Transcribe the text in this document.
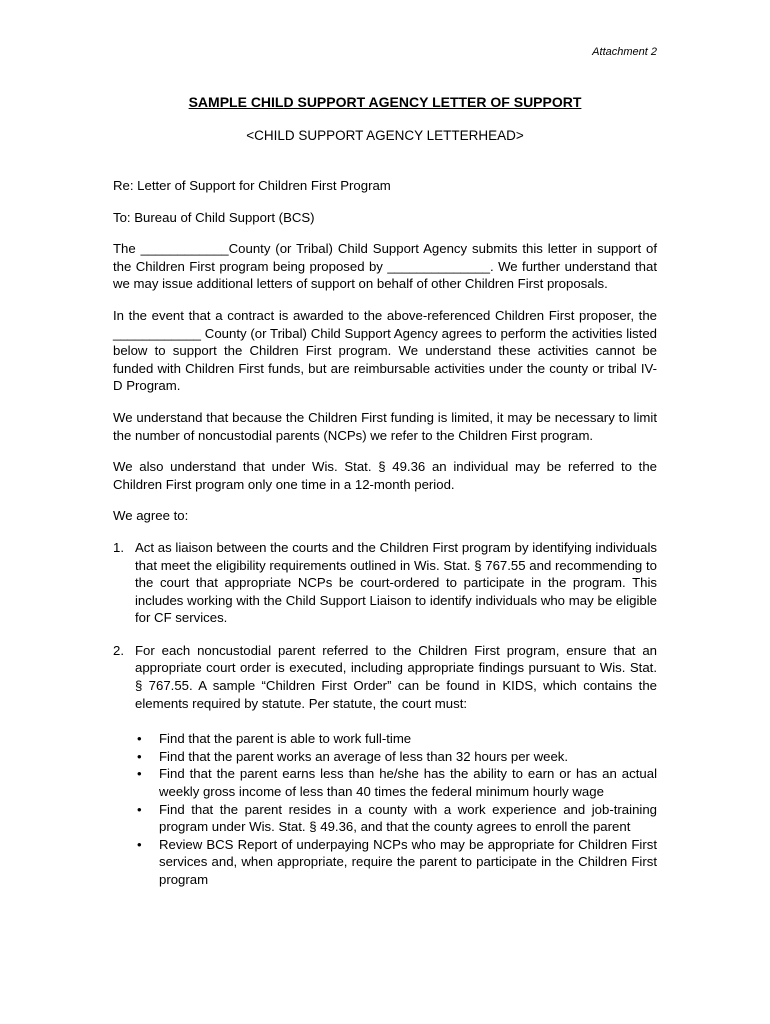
Attachment 2
SAMPLE CHILD SUPPORT AGENCY LETTER OF SUPPORT
<CHILD SUPPORT AGENCY LETTERHEAD>

Re: Letter of Support for Children First Program

To: Bureau of Child Support (BCS)

The ____________County (or Tribal) Child Support Agency submits this letter in support of the Children First program being proposed by ______________. We further understand that we may issue additional letters of support on behalf of other Children First proposals.

In the event that a contract is awarded to the above-referenced Children First proposer, the ____________ County (or Tribal) Child Support Agency agrees to perform the activities listed below to support the Children First program. We understand these activities cannot be funded with Children First funds, but are reimbursable activities under the county or tribal IV-D Program.

We understand that because the Children First funding is limited, it may be necessary to limit the number of noncustodial parents (NCPs) we refer to the Children First program.

We also understand that under Wis. Stat. § 49.36 an individual may be referred to the Children First program only one time in a 12-month period.

We agree to:

1. Act as liaison between the courts and the Children First program by identifying individuals that meet the eligibility requirements outlined in Wis. Stat. § 767.55 and recommending to the court that appropriate NCPs be court-ordered to participate in the program. This includes working with the Child Support Liaison to identify individuals who may be eligible for CF services.
2. For each noncustodial parent referred to the Children First program, ensure that an appropriate court order is executed, including appropriate findings pursuant to Wis. Stat. § 767.55. A sample “Children First Order” can be found in KIDS, which contains the elements required by statute. Per statute, the court must:
• Find that the parent is able to work full-time
• Find that the parent works an average of less than 32 hours per week.
• Find that the parent earns less than he/she has the ability to earn or has an actual weekly gross income of less than 40 times the federal minimum hourly wage
• Find that the parent resides in a county with a work experience and job-training program under Wis. Stat. § 49.36, and that the county agrees to enroll the parent
• Review BCS Report of underpaying NCPs who may be appropriate for Children First services and, when appropriate, require the parent to participate in the Children First program
